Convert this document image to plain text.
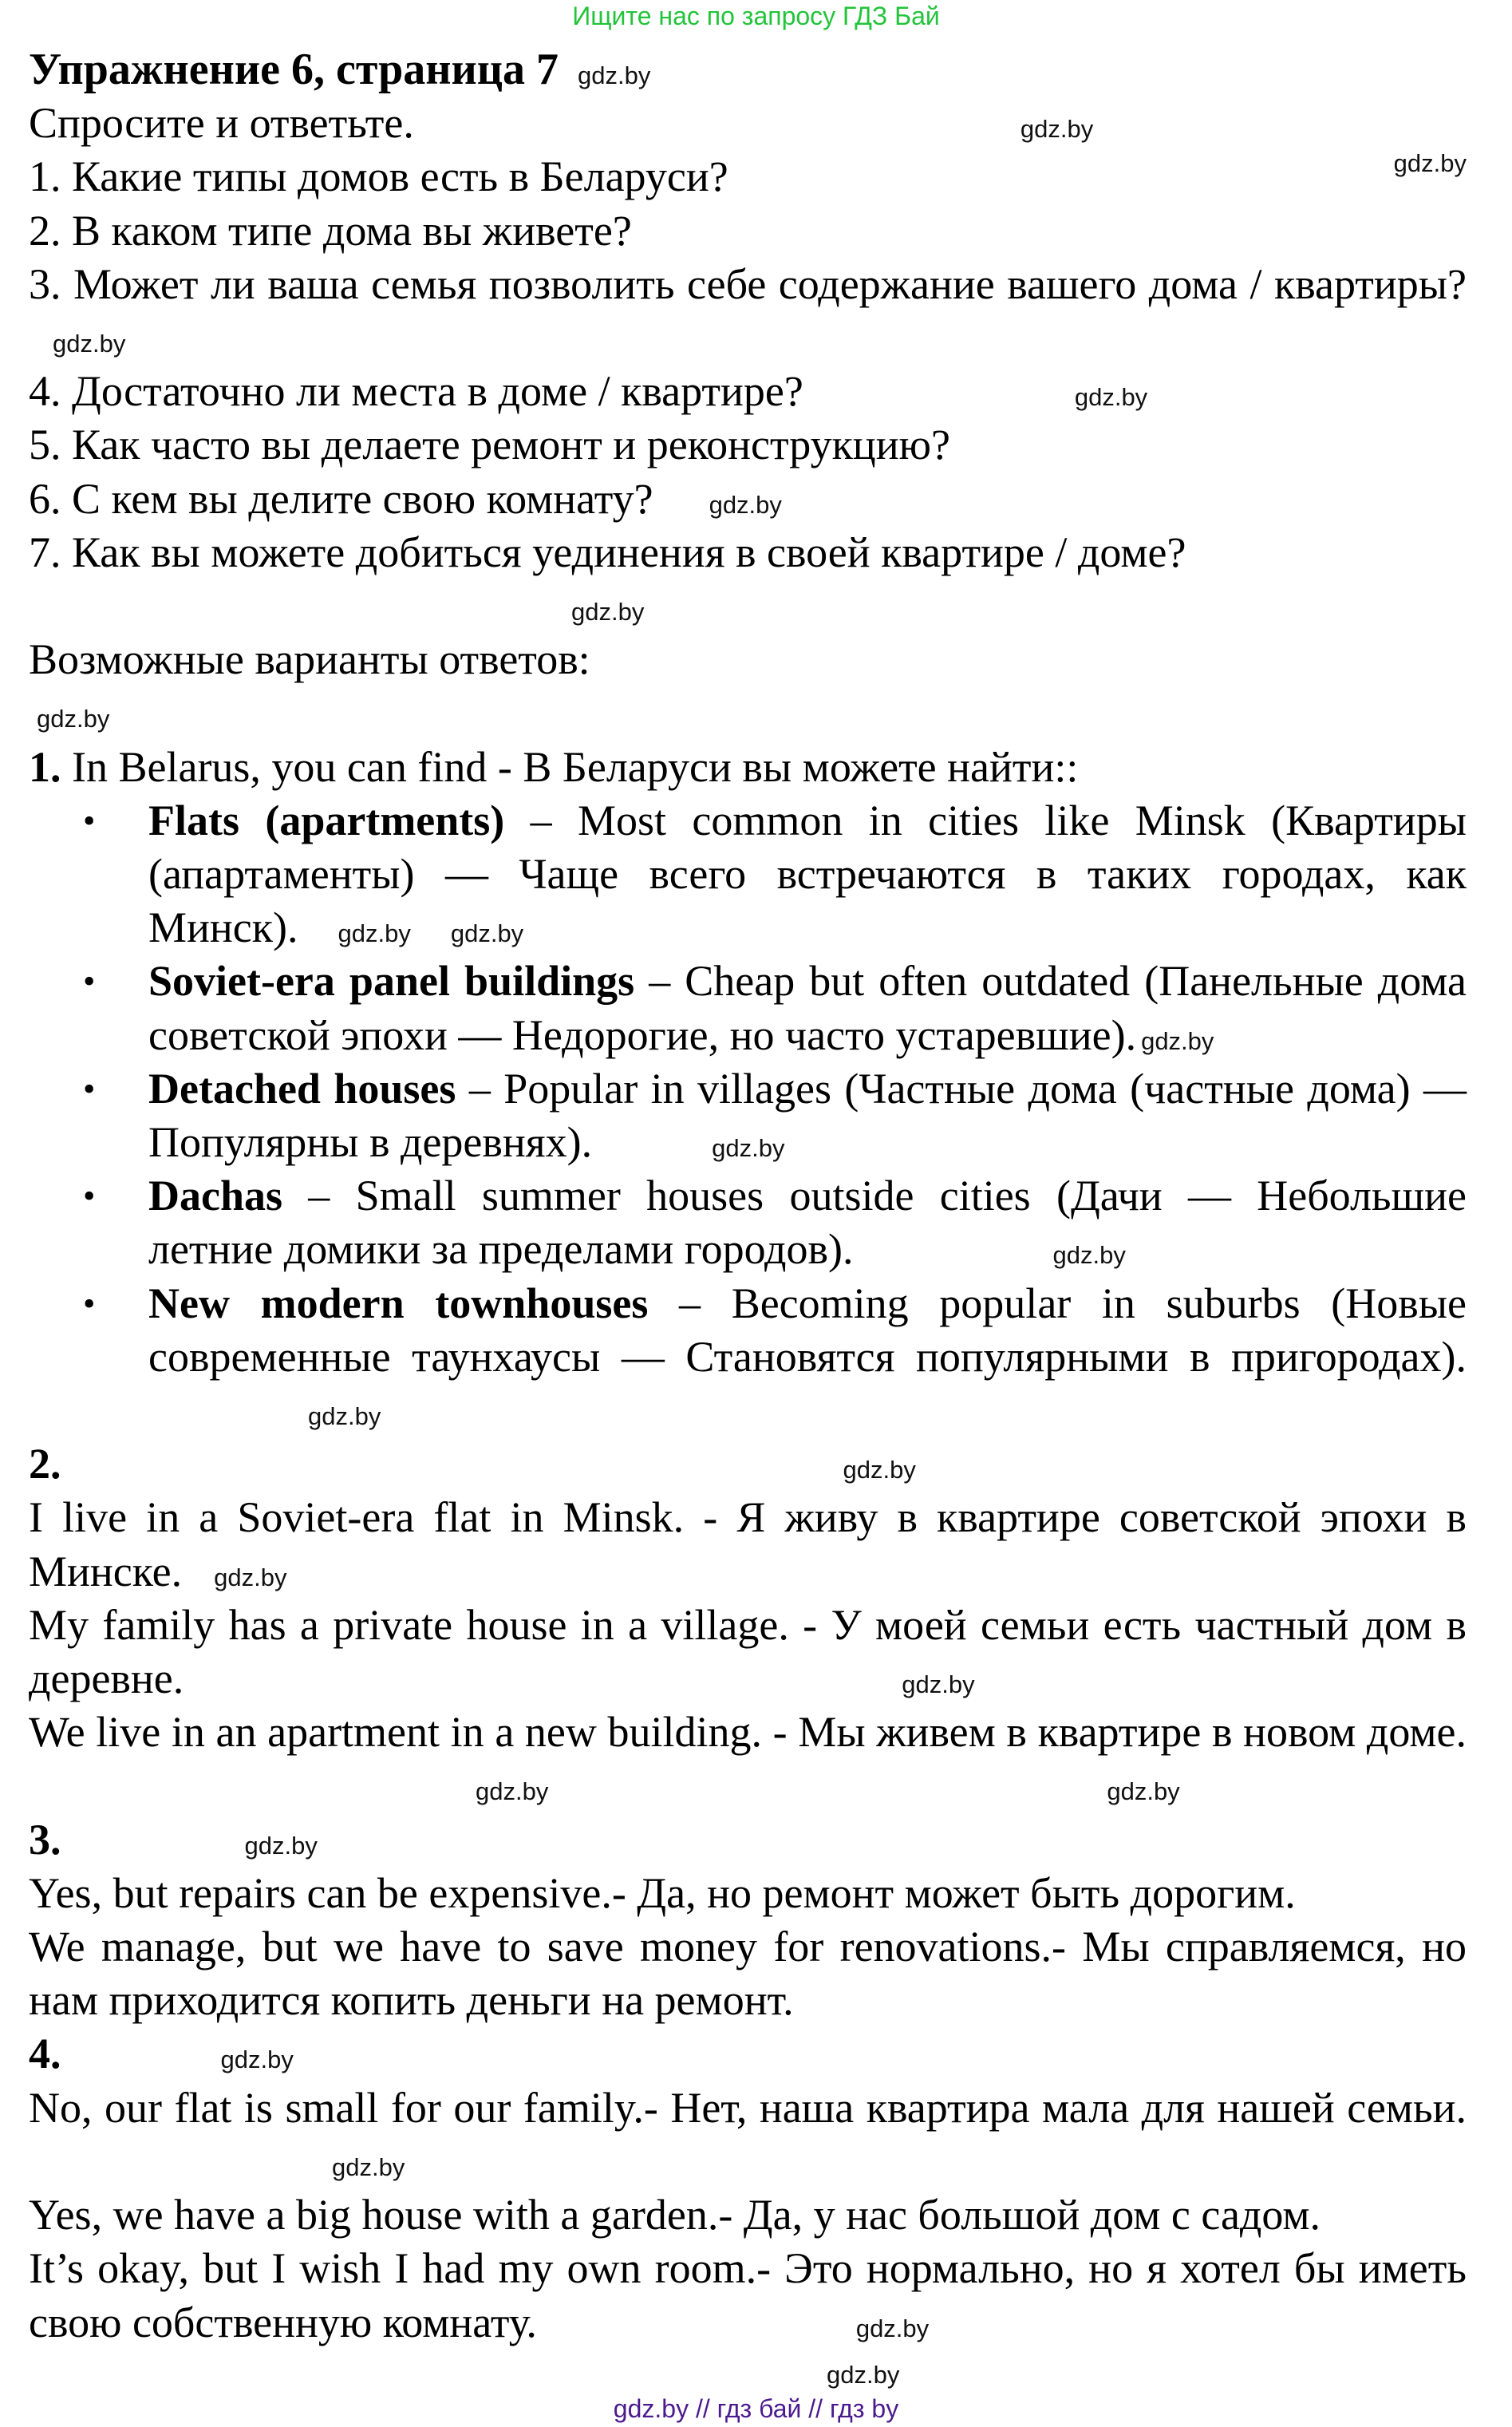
Ищите нас по запросу ГДЗ Бай
Упражнение 6, страница 7 gdz.by

Спросите и ответьте.	gdz.by

gdz.by
1. Какие типы домов есть в Беларуси?

2. В каком типе дома вы живете?

3. Может ли ваша семья позволить себе содержание вашего дома / квартиры?gdz.by

4. Достаточно ли места в доме / квартире?	gdz.by

5. Как часто вы делаете ремонт и реконструкцию?

6. С кем вы делите свою комнату? gdz.by

7. Как вы можете добиться уединения в своей квартире / доме?

gdz.by

Возможные варианты ответов:

gdz.by

1. In Belarus, you can find - В Беларуси вы можете найти::

• Flats (apartments) – Most common in cities like Minsk (Квартиры (апартаменты) — Чаще всего встречаются в таких городах, как Минск). gdz.by gdz.by
• Soviet-era panel buildings – Cheap but often outdated (Панельные дома советской эпохи — Недорогие, но часто устаревшие). gdz.by
• Detached houses – Popular in villages (Частные дома (частные дома) — Популярны в деревнях).	gdz.by
• Dachas – Small summer houses outside cities (Дачи — Небольшие летние домики за пределами городов).	gdz.by
• New modern townhouses – Becoming popular in suburbs (Новые современные таунхаусы — Становятся популярными в пригородах).gdz.by

2.	gdz.by

I live in a Soviet-era flat in Minsk. - Я живу в квартире советской эпохи в Минске. gdz.by

My family has a private house in a village. - У моей семьи есть частный дом в деревне.	gdz.by

We live in an apartment in a new building. - Мы живем в квартире в новом доме.gdz.by	gdz.by

3.	gdz.by

Yes, but repairs can be expensive.- Да, но ремонт может быть дорогим.

We manage, but we have to save money for renovations.- Мы справляемся, но нам приходится копить деньги на ремонт.

4.	gdz.by

No, our flat is small for our family.- Нет, наша квартира мала для нашей семьи.gdz.by

Yes, we have a big house with a garden.- Да, у нас большой дом с садом.

It’s okay, but I wish I had my own room.- Это нормально, но я хотел бы иметь свою собственную комнату.	gdz.by

gdz.by
gdz.by // гдз бай // гдз by
